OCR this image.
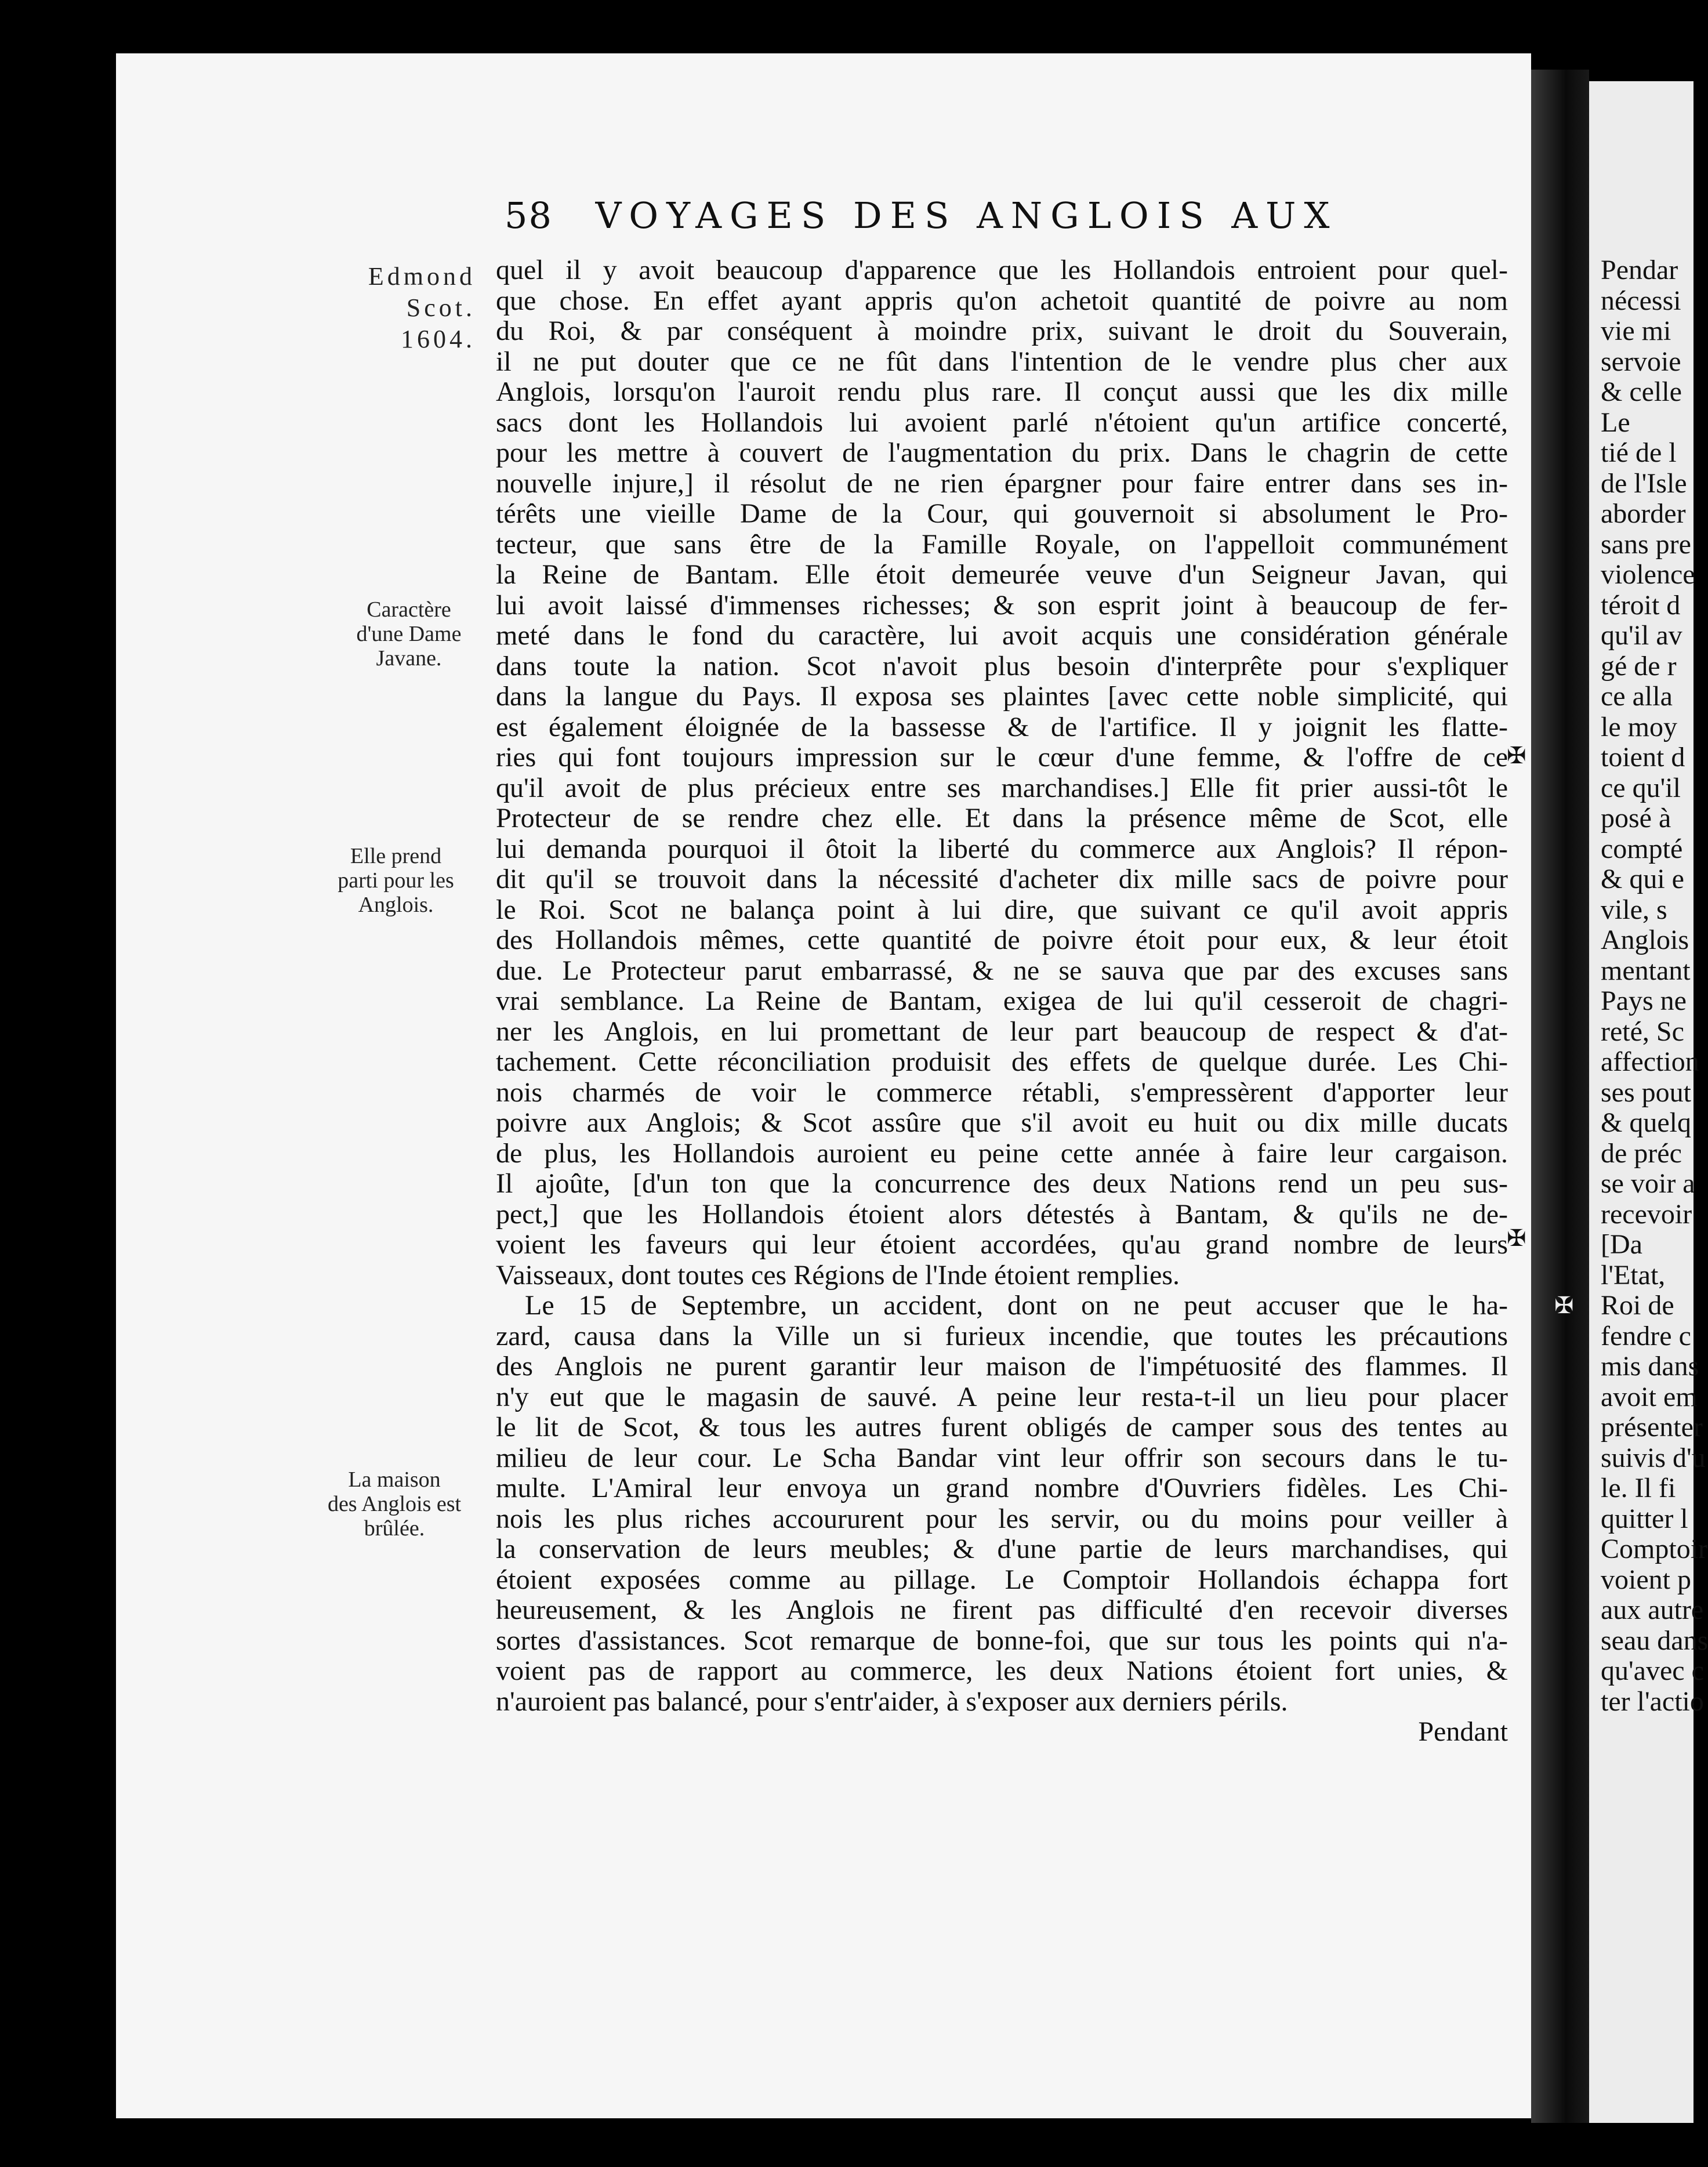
Pendar
nécessi
vie mi
servoie
& celle
Le
tié de l
de l'Isle
aborder
sans pre
violence
téroit d
qu'il av
gé de r
ce alla
le moy
toient d
ce qu'il
posé à
compté
& qui e
vile, s
Anglois
mentant
Pays ne
reté, Sc
affection
ses pout
& quelq
de préc
se voir a
recevoir
[Da
l'Etat,
Roi de
fendre c
mis dans
avoit em
présenter
suivis d'u
le. Il fi
quitter l
Comptoir
voient p
aux autre
seau dans
qu'avec c
ter l'actio
58 VOYAGES DES ANGLOIS AUX
Edmond
Scot.
1604.
Caractère
d'une Dame
Javane.
Elle prend
parti pour les
Anglois.
La maison
des Anglois est
brûlée.
quel il y avoit beaucoup d'apparence que les Hollandois entroient pour quel-
que chose. En effet ayant appris qu'on achetoit quantité de poivre au nom
du Roi, & par conséquent à moindre prix, suivant le droit du Souverain,
il ne put douter que ce ne fût dans l'intention de le vendre plus cher aux
Anglois, lorsqu'on l'auroit rendu plus rare. Il conçut aussi que les dix mille
sacs dont les Hollandois lui avoient parlé n'étoient qu'un artifice concerté,
pour les mettre à couvert de l'augmentation du prix. Dans le chagrin de cette
nouvelle injure,] il résolut de ne rien épargner pour faire entrer dans ses in-
térêts une vieille Dame de la Cour, qui gouvernoit si absolument le Pro-
tecteur, que sans être de la Famille Royale, on l'appelloit communément
la Reine de Bantam. Elle étoit demeurée veuve d'un Seigneur Javan, qui
lui avoit laissé d'immenses richesses; & son esprit joint à beaucoup de fer-
meté dans le fond du caractère, lui avoit acquis une considération générale
dans toute la nation. Scot n'avoit plus besoin d'interprête pour s'expliquer
dans la langue du Pays. Il exposa ses plaintes [avec cette noble simplicité, qui
est également éloignée de la bassesse & de l'artifice. Il y joignit les flatte-
ries qui font toujours impression sur le cœur d'une femme, & l'offre de ce
qu'il avoit de plus précieux entre ses marchandises.] Elle fit prier aussi-tôt le
Protecteur de se rendre chez elle. Et dans la présence même de Scot, elle
lui demanda pourquoi il ôtoit la liberté du commerce aux Anglois? Il répon-
dit qu'il se trouvoit dans la nécessité d'acheter dix mille sacs de poivre pour
le Roi. Scot ne balança point à lui dire, que suivant ce qu'il avoit appris
des Hollandois mêmes, cette quantité de poivre étoit pour eux, & leur étoit
due. Le Protecteur parut embarrassé, & ne se sauva que par des excuses sans
vrai semblance. La Reine de Bantam, exigea de lui qu'il cesseroit de chagri-
ner les Anglois, en lui promettant de leur part beaucoup de respect & d'at-
tachement. Cette réconciliation produisit des effets de quelque durée. Les Chi-
nois charmés de voir le commerce rétabli, s'empressèrent d'apporter leur
poivre aux Anglois; & Scot assûre que s'il avoit eu huit ou dix mille ducats
de plus, les Hollandois auroient eu peine cette année à faire leur cargaison.
Il ajoûte, [d'un ton que la concurrence des deux Nations rend un peu sus-
pect,] que les Hollandois étoient alors détestés à Bantam, & qu'ils ne de-
voient les faveurs qui leur étoient accordées, qu'au grand nombre de leurs
Vaisseaux, dont toutes ces Régions de l'Inde étoient remplies.
Le 15 de Septembre, un accident, dont on ne peut accuser que le ha-
zard, causa dans la Ville un si furieux incendie, que toutes les précautions
des Anglois ne purent garantir leur maison de l'impétuosité des flammes. Il
n'y eut que le magasin de sauvé. A peine leur resta-t-il un lieu pour placer
le lit de Scot, & tous les autres furent obligés de camper sous des tentes au
milieu de leur cour. Le Scha Bandar vint leur offrir son secours dans le tu-
multe. L'Amiral leur envoya un grand nombre d'Ouvriers fidèles. Les Chi-
nois les plus riches accoururent pour les servir, ou du moins pour veiller à
la conservation de leurs meubles; & d'une partie de leurs marchandises, qui
étoient exposées comme au pillage. Le Comptoir Hollandois échappa fort
heureusement, & les Anglois ne firent pas difficulté d'en recevoir diverses
sortes d'assistances. Scot remarque de bonne-foi, que sur tous les points qui n'a-
voient pas de rapport au commerce, les deux Nations étoient fort unies, &
n'auroient pas balancé, pour s'entr'aider, à s'exposer aux derniers périls.
Pendant
✠
✠
✠
